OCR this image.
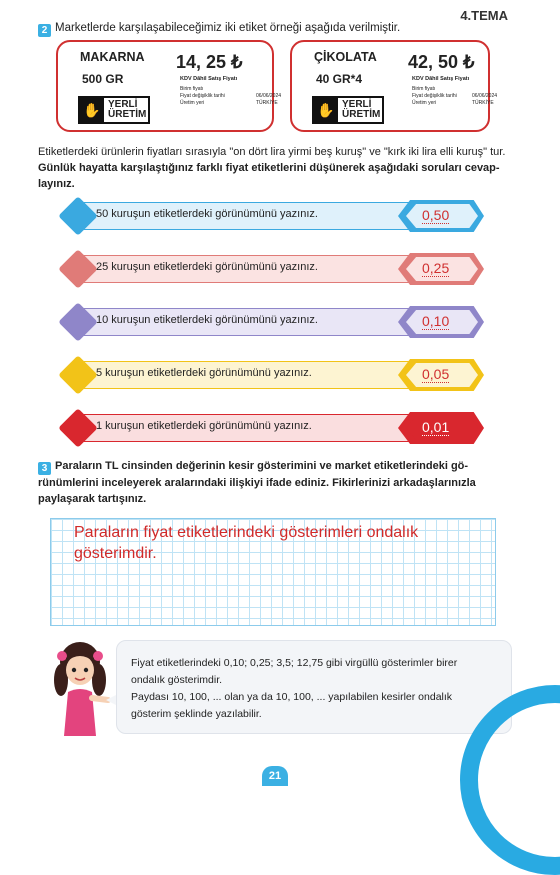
4.TEMA
2 Marketlerde karşılaşabileceğimiz iki etiket örneği aşağıda verilmiştir.
MAKARNA
500 GR
14, 25 ₺
KDV Dâhil Satış Fiyatı
Birim fiyatı
Fiyat değişiklik tarihi	06/06/2024
Üretim yeri	TÜRKİYE
✋ YERLİ
ÜRETİM
ÇİKOLATA
40 GR*4
42, 50 ₺
KDV Dâhil Satış Fiyatı
Birim fiyatı
Fiyat değişiklik tarihi	06/06/2024
Üretim yeri	TÜRKİYE
✋ YERLİ
ÜRETİM
Etiketlerdeki ürünlerin fiyatları sırasıyla "on dört lira yirmi beş kuruş" ve "kırk iki lira elli kuruş" tur.
Günlük hayatta karşılaştığınız farklı fiyat etiketlerini düşünerek aşağıdaki soruları cevap-
layınız.
50 kuruşun etiketlerdeki görünümünü yazınız.	0,50
25 kuruşun etiketlerdeki görünümünü yazınız.	0,25
10 kuruşun etiketlerdeki görünümünü yazınız.	0,10
5 kuruşun etiketlerdeki görünümünü yazınız.	0,05
1 kuruşun etiketlerdeki görünümünü yazınız.	0,01
3 Paraların TL cinsinden değerinin kesir gösterimini ve market etiketlerindeki gö-
rünümlerini inceleyerek aralarındaki ilişkiyi ifade ediniz. Fikirlerinizi arkadaşlarınızla
paylaşarak tartışınız.
Paraların fiyat etiketlerindeki gösterimleri ondalık gösterimdir.
Fiyat etiketlerindeki 0,10; 0,25; 3,5; 12,75 gibi virgüllü gösterimler birer
ondalık gösterimdir.
Paydası 10, 100, ... olan ya da 10, 100, ... yapılabilen kesirler ondalık
gösterim şeklinde yazılabilir.
21
